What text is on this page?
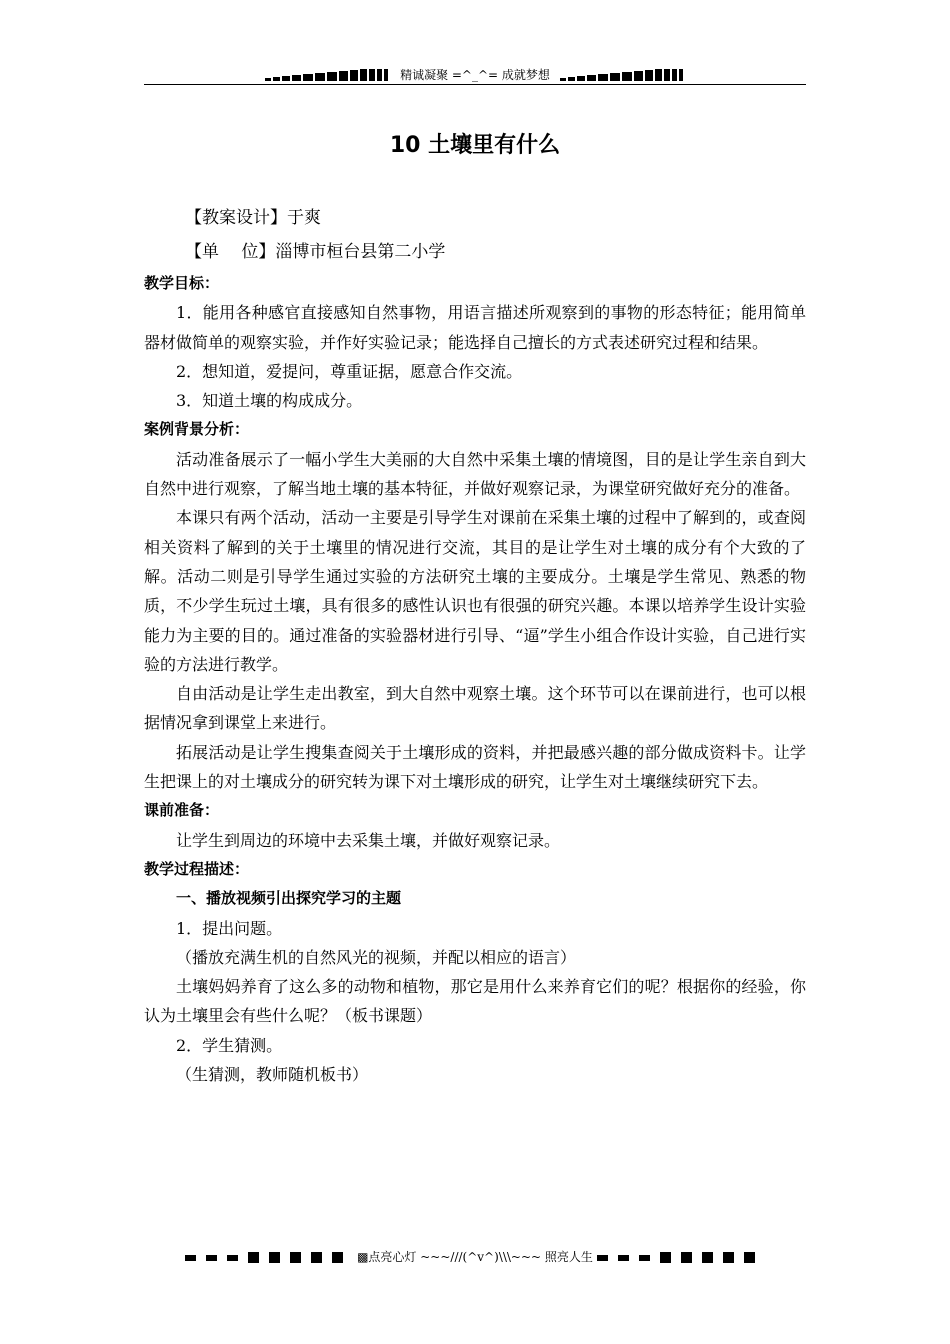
精诚凝聚 =^_^= 成就梦想
10 土壤里有什么

【教案设计】于爽

【单　 位】淄博市桓台县第二小学

教学目标：

1．能用各种感官直接感知自然事物，用语言描述所观察到的事物的形态特征；能用简单器材做简单的观察实验，并作好实验记录；能选择自己擅长的方式表述研究过程和结果。

2．想知道，爱提问，尊重证据，愿意合作交流。

3．知道土壤的构成成分。

案例背景分析：

活动准备展示了一幅小学生大美丽的大自然中采集土壤的情境图，目的是让学生亲自到大自然中进行观察，了解当地土壤的基本特征，并做好观察记录，为课堂研究做好充分的准备。

本课只有两个活动，活动一主要是引导学生对课前在采集土壤的过程中了解到的，或查阅相关资料了解到的关于土壤里的情况进行交流，其目的是让学生对土壤的成分有个大致的了解。活动二则是引导学生通过实验的方法研究土壤的主要成分。土壤是学生常见、熟悉的物质，不少学生玩过土壤，具有很多的感性认识也有很强的研究兴趣。本课以培养学生设计实验能力为主要的目的。通过准备的实验器材进行引导、“逼”学生小组合作设计实验，自己进行实验的方法进行教学。

自由活动是让学生走出教室，到大自然中观察土壤。这个环节可以在课前进行，也可以根据情况拿到课堂上来进行。

拓展活动是让学生搜集查阅关于土壤形成的资料，并把最感兴趣的部分做成资料卡。让学生把课上的对土壤成分的研究转为课下对土壤形成的研究，让学生对土壤继续研究下去。

课前准备：

让学生到周边的环境中去采集土壤，并做好观察记录。

教学过程描述：

一、播放视频引出探究学习的主题

1．提出问题。

（播放充满生机的自然风光的视频，并配以相应的语言）

土壤妈妈养育了这么多的动物和植物，那它是用什么来养育它们的呢？根据你的经验，你认为土壤里会有些什么呢？（板书课题）

2．学生猜测。

（生猜测，教师随机板书）

▩点亮心灯 ~~~///(^v^)\\\~~~ 照亮人生
